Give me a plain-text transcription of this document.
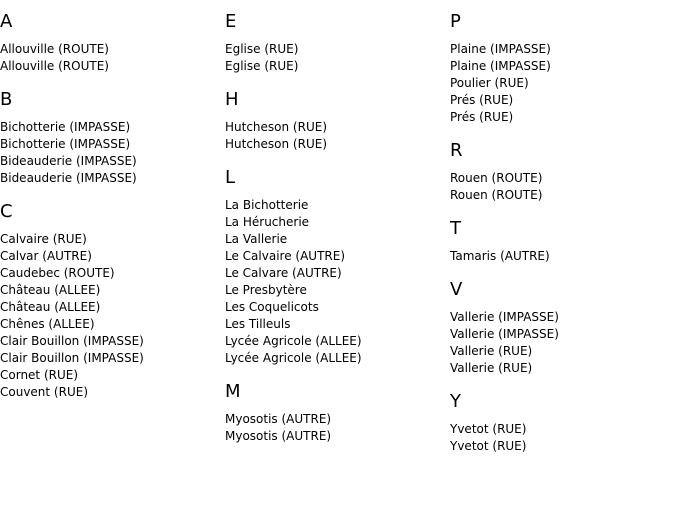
A
Allouville (ROUTE)
Allouville (ROUTE)
B
Bichotterie (IMPASSE)
Bichotterie (IMPASSE)
Bideauderie (IMPASSE)
Bideauderie (IMPASSE)
C
Calvaire (RUE)
Calvar (AUTRE)
Caudebec (ROUTE)
Château (ALLEE)
Château (ALLEE)
Chênes (ALLEE)
Clair Bouillon (IMPASSE)
Clair Bouillon (IMPASSE)
Cornet (RUE)
Couvent (RUE)
E
Eglise (RUE)
Eglise (RUE)
H
Hutcheson (RUE)
Hutcheson (RUE)
L
La Bichotterie
La Hérucherie
La Vallerie
Le Calvaire (AUTRE)
Le Calvare (AUTRE)
Le Presbytère
Les Coquelicots
Les Tilleuls
Lycée Agricole (ALLEE)
Lycée Agricole (ALLEE)
M
Myosotis (AUTRE)
Myosotis (AUTRE)
P
Plaine (IMPASSE)
Plaine (IMPASSE)
Poulier (RUE)
Prés (RUE)
Prés (RUE)
R
Rouen (ROUTE)
Rouen (ROUTE)
T
Tamaris (AUTRE)
V
Vallerie (IMPASSE)
Vallerie (IMPASSE)
Vallerie (RUE)
Vallerie (RUE)
Y
Yvetot (RUE)
Yvetot (RUE)
